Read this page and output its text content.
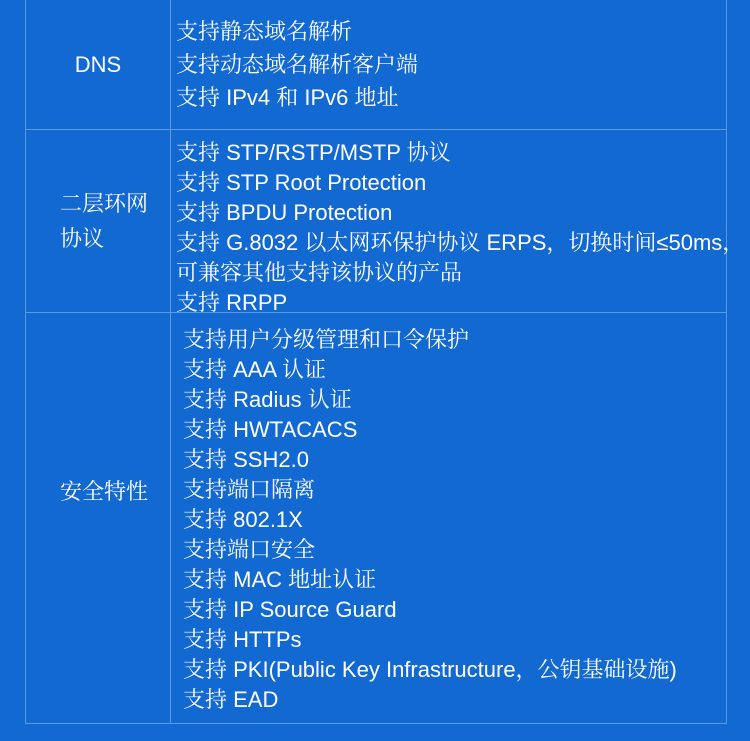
DNS
支持静态域名解析
支持动态域名解析客户端
支持 IPv4 和 IPv6 地址
二层环网
协议
支持 STP/RSTP/MSTP 协议
支持 STP Root Protection
支持 BPDU Protection
支持 G.8032 以太网环保护协议 ERPS，切换时间≤50ms，
可兼容其他支持该协议的产品
支持 RRPP
安全特性
支持用户分级管理和口令保护
支持 AAA 认证
支持 Radius 认证
支持 HWTACACS
支持 SSH2.0
支持端口隔离
支持 802.1X
支持端口安全
支持 MAC 地址认证
支持 IP Source Guard
支持 HTTPs
支持 PKI(Public Key Infrastructure，公钥基础设施)
支持 EAD
